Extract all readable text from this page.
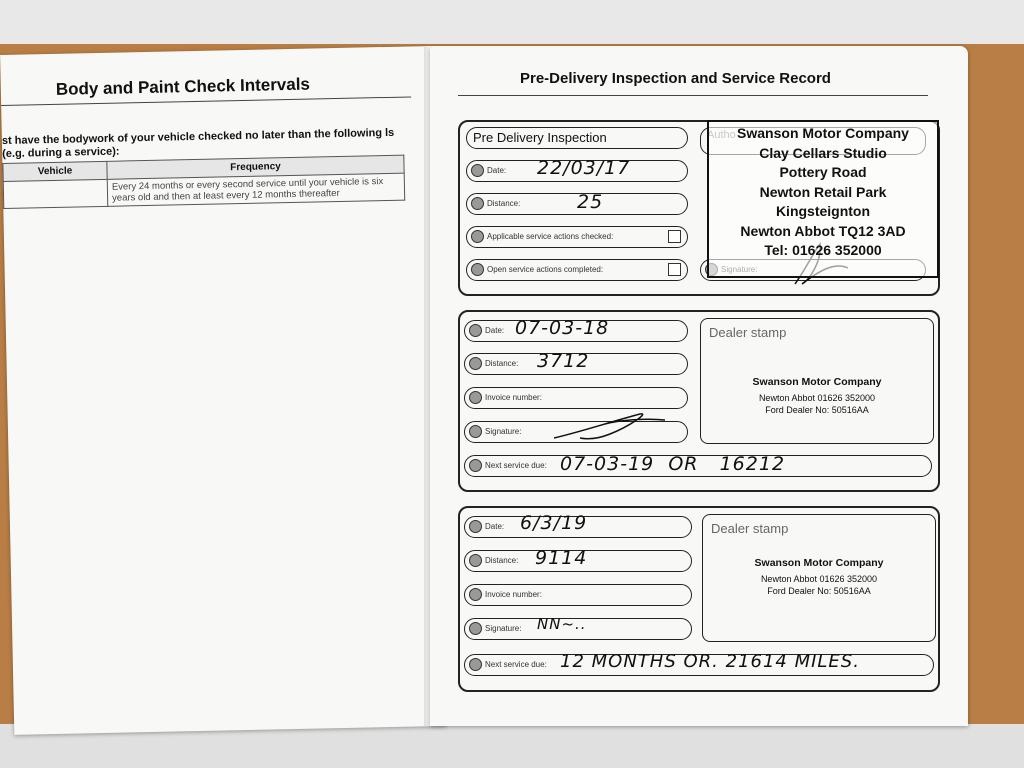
Body and Paint Check Intervals
st have the bodywork of your vehicle checked no later than the following ls (e.g. during a service):
Vehicle	Frequency
	Every 24 months or every second service until your vehicle is six years old and then at least every 12 months thereafter
Pre-Delivery Inspection and Service Record
Pre Delivery Inspection
Date: 22/03/17
Distance:	25
Applicable service actions checked:
Open service actions completed:
Swanson Motor Company
Clay Cellars Studio
Pottery Road
Newton Retail Park
Kingsteignton
Newton Abbot TQ12 3AD
Tel: 01626 352000
Date: 07-03-18
Distance: 3712
Invoice number:
Signature:
Dealer stamp
Swanson Motor Company
Newton Abbot 01626 352000
Ford Dealer No: 50516AA
Next service due: 07-03-19  OR   16212
Date: 6/3/19
Distance: 9114
Invoice number:
Signature: NN~..
Dealer stamp
Swanson Motor Company
Newton Abbot 01626 352000
Ford Dealer No: 50516AA
Next service due: 12 MONTHS OR. 21614 MILES.
